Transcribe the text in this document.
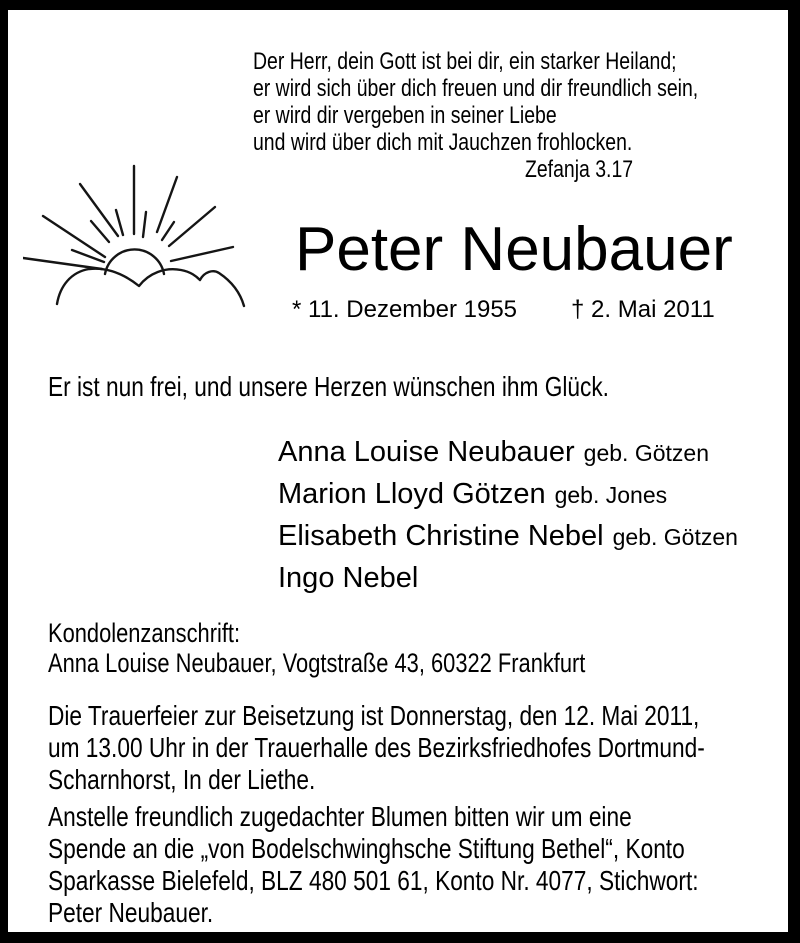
Der Herr, dein Gott ist bei dir, ein starker Heiland;
er wird sich über dich freuen und dir freundlich sein,
er wird dir vergeben in seiner Liebe
und wird über dich mit Jauchzen frohlocken.
Zefanja 3.17
Peter Neubauer
* 11. Dezember 1955 † 2. Mai 2011
Er ist nun frei, und unsere Herzen wünschen ihm Glück.
Anna Louise Neubauer geb. Götzen
Marion Lloyd Götzen geb. Jones
Elisabeth Christine Nebel geb. Götzen
Ingo Nebel
Kondolenzanschrift:
Anna Louise Neubauer, Vogtstraße 43, 60322 Frankfurt
Die Trauerfeier zur Beisetzung ist Donnerstag, den 12. Mai 2011,
um 13.00 Uhr in der Trauerhalle des Bezirksfriedhofes Dortmund-
Scharnhorst, In der Liethe.
Anstelle freundlich zugedachter Blumen bitten wir um eine
Spende an die „von Bodelschwinghsche Stiftung Bethel“, Konto
Sparkasse Bielefeld, BLZ 480 501 61, Konto Nr. 4077, Stichwort:
Peter Neubauer.
